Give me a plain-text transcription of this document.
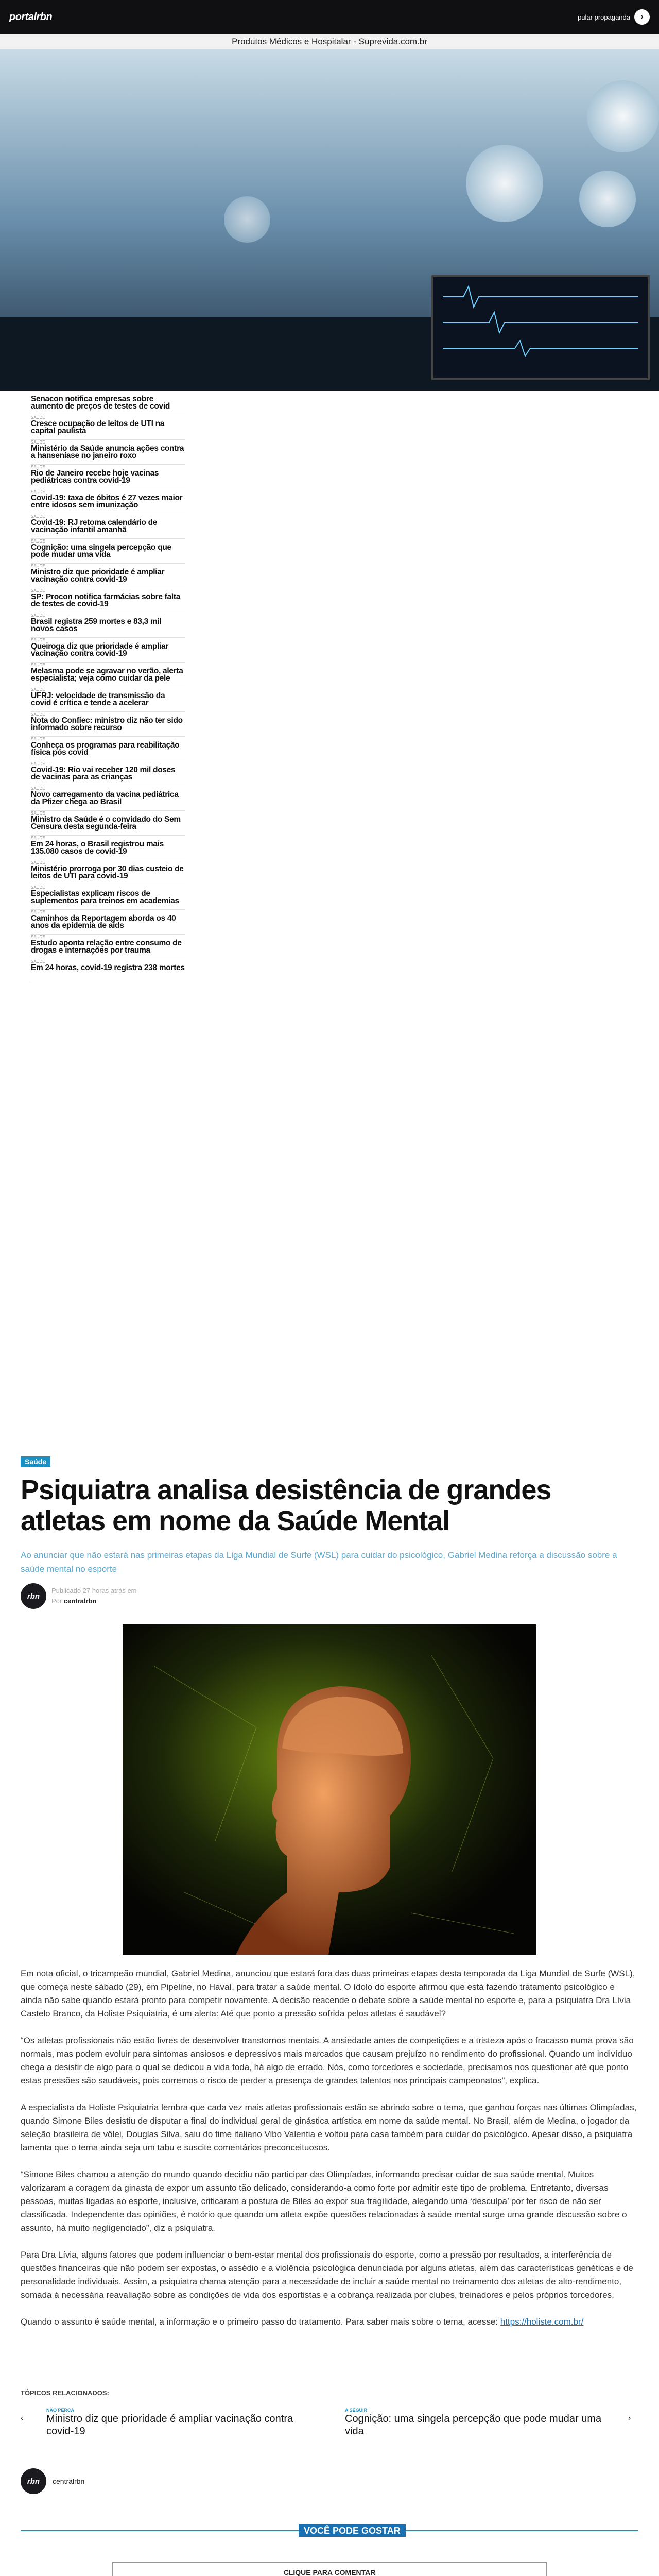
portalrbn	pular propaganda	›
Produtos Médicos e Hospitalar - Suprevida.com.br
Senacon notifica empresas sobre aumento de preços de testes de covid
SAÚDE
Cresce ocupação de leitos de UTI na capital paulista
SAÚDE
Ministério da Saúde anuncia ações contra a hanseníase no janeiro roxo
SAÚDE
Rio de Janeiro recebe hoje vacinas pediátricas contra covid-19
SAÚDE
Covid-19: taxa de óbitos é 27 vezes maior entre idosos sem imunização
SAÚDE
Covid-19: RJ retoma calendário de vacinação infantil amanhã
SAÚDE
Cognição: uma singela percepção que pode mudar uma vida
SAÚDE
Ministro diz que prioridade é ampliar vacinação contra covid-19
SAÚDE
SP: Procon notifica farmácias sobre falta de testes de covid-19
SAÚDE
Brasil registra 259 mortes e 83,3 mil novos casos
SAÚDE
Queiroga diz que prioridade é ampliar vacinação contra covid-19
SAÚDE
Melasma pode se agravar no verão, alerta especialista; veja como cuidar da pele
SAÚDE
UFRJ: velocidade de transmissão da covid é crítica e tende a acelerar
SAÚDE
Nota do Confiec: ministro diz não ter sido informado sobre recurso
SAÚDE
Conheça os programas para reabilitação física pós covid
SAÚDE
Covid-19: Rio vai receber 120 mil doses de vacinas para as crianças
SAÚDE
Novo carregamento da vacina pediátrica da Pfizer chega ao Brasil
SAÚDE
Ministro da Saúde é o convidado do Sem Censura desta segunda-feira
SAÚDE
Em 24 horas, o Brasil registrou mais 135.080 casos de covid-19
SAÚDE
Ministério prorroga por 30 dias custeio de leitos de UTI para covid-19
SAÚDE
Especialistas explicam riscos de suplementos para treinos em academias
SAÚDE
Caminhos da Reportagem aborda os 40 anos da epidemia de aids
SAÚDE
Estudo aponta relação entre consumo de drogas e internações por trauma
SAÚDE
Em 24 horas, covid-19 registra 238 mortes
Saúde
Psiquiatra analisa desistência de grandes atletas em nome da Saúde Mental
Ao anunciar que não estará nas primeiras etapas da Liga Mundial de Surfe (WSL) para cuidar do psicológico, Gabriel Medina reforça a discussão sobre a saúde mental no esporte
rbn
Publicado 27 horas atrás em
Por centralrbn

Em nota oficial, o tricampeão mundial, Gabriel Medina, anunciou que estará fora das duas primeiras etapas desta temporada da Liga Mundial de Surfe (WSL), que começa neste sábado (29), em Pipeline, no Havaí, para tratar a saúde mental. O ídolo do esporte afirmou que está fazendo tratamento psicológico e ainda não sabe quando estará pronto para competir novamente. A decisão reacende o debate sobre a saúde mental no esporte e, para a psiquiatra Dra Lívia Castelo Branco, da Holiste Psiquiatria, é um alerta: Até que ponto a pressão sofrida pelos atletas é saudável?

“Os atletas profissionais não estão livres de desenvolver transtornos mentais. A ansiedade antes de competições e a tristeza após o fracasso numa prova são normais, mas podem evoluir para sintomas ansiosos e depressivos mais marcados que causam prejuízo no rendimento do profissional. Quando um indivíduo chega a desistir de algo para o qual se dedicou a vida toda, há algo de errado. Nós, como torcedores e sociedade, precisamos nos questionar até que ponto estas pressões são saudáveis, pois corremos o risco de perder a presença de grandes talentos nos principais campeonatos”, explica.

A especialista da Holiste Psiquiatria lembra que cada vez mais atletas profissionais estão se abrindo sobre o tema, que ganhou forças nas últimas Olimpíadas, quando Simone Biles desistiu de disputar a final do individual geral de ginástica artística em nome da saúde mental. No Brasil, além de Medina, o jogador da seleção brasileira de vôlei, Douglas Silva, saiu do time italiano Vibo Valentia e voltou para casa também para cuidar do psicológico. Apesar disso, a psiquiatra lamenta que o tema ainda seja um tabu e suscite comentários preconceituosos.

“Simone Biles chamou a atenção do mundo quando decidiu não participar das Olimpíadas, informando precisar cuidar de sua saúde mental. Muitos valorizaram a coragem da ginasta de expor um assunto tão delicado, considerando-a como forte por admitir este tipo de problema. Entretanto, diversas pessoas, muitas ligadas ao esporte, inclusive, criticaram a postura de Biles ao expor sua fragilidade, alegando uma ‘desculpa’ por ter risco de não ser classificada. Independente das opiniões, é notório que quando um atleta expõe questões relacionadas à saúde mental surge uma grande discussão sobre o assunto, há muito negligenciado”, diz a psiquiatra.

Para Dra Lívia, alguns fatores que podem influenciar o bem-estar mental dos profissionais do esporte, como a pressão por resultados, a interferência de questões financeiras que não podem ser expostas, o assédio e a violência psicológica denunciada por alguns atletas, além das características genéticas e de personalidade individuais. Assim, a psiquiatra chama atenção para a necessidade de incluir a saúde mental no treinamento dos atletas de alto-rendimento, somada à necessária reavaliação sobre as condições de vida dos esportistas e a cobrança realizada por clubes, treinadores e pelos próprios torcedores.

Quando o assunto é saúde mental, a informação e o primeiro passo do tratamento. Para saber mais sobre o tema, acesse: https://holiste.com.br/

TÓPICOS RELACIONADOS:
‹
NÃO PERCA
Ministro diz que prioridade é ampliar vacinação contra covid-19
A SEGUIR
Cognição: uma singela percepção que pode mudar uma vida
›
rbn	centralrbn
VOCÊ PODE GOSTAR
CLIQUE PARA COMENTAR
